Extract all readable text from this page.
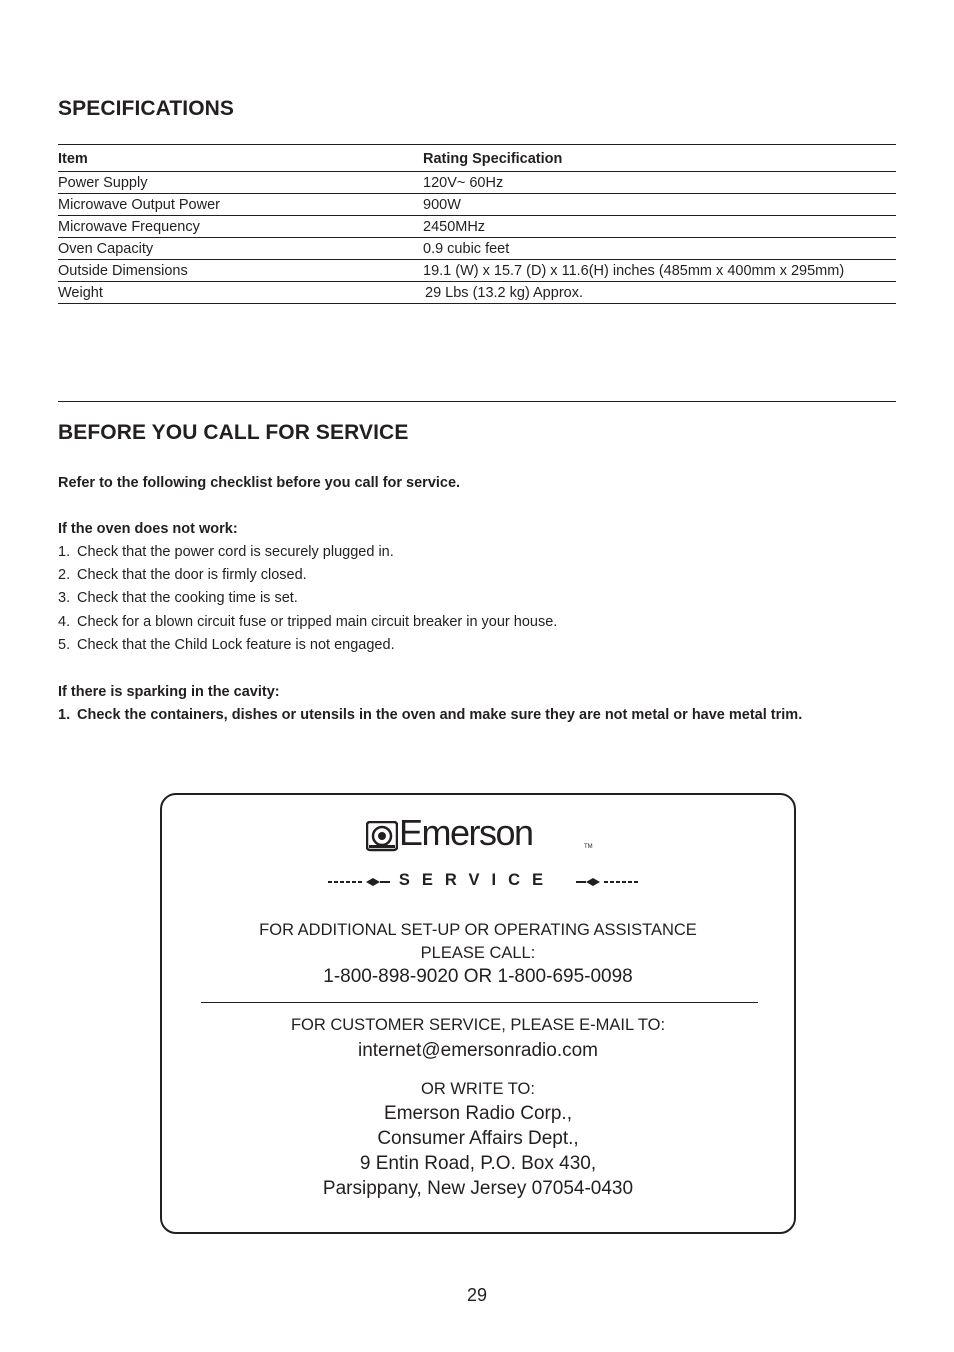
SPECIFICATIONS
Item	Rating Specification
Power Supply	120V~ 60Hz
Microwave Output Power	900W
Microwave Frequency	2450MHz
Oven Capacity	0.9 cubic feet
Outside Dimensions	19.1 (W) x 15.7 (D) x 11.6(H) inches (485mm x 400mm x 295mm)
Weight	29 Lbs (13.2 kg) Approx.
BEFORE YOU CALL FOR SERVICE
Refer to the following checklist before you call for service.
If the oven does not work:
1. Check that the power cord is securely plugged in.
2. Check that the door is firmly closed.
3. Check that the cooking time is set.
4. Check for a blown circuit fuse or tripped main circuit breaker in your house.
5. Check that the Child Lock feature is not engaged.
If there is sparking in the cavity:
1. Check the containers, dishes or utensils in the oven and make sure they are not metal or have metal trim.
Emerson	TM
SERVICE
FOR ADDITIONAL SET-UP OR OPERATING ASSISTANCE
PLEASE CALL:
1-800-898-9020 OR 1-800-695-0098
FOR CUSTOMER SERVICE, PLEASE E-MAIL TO:
internet@emersonradio.com
OR WRITE TO:
Emerson Radio Corp.,
Consumer Affairs Dept.,
9 Entin Road, P.O. Box 430,
Parsippany, New Jersey 07054-0430
29
